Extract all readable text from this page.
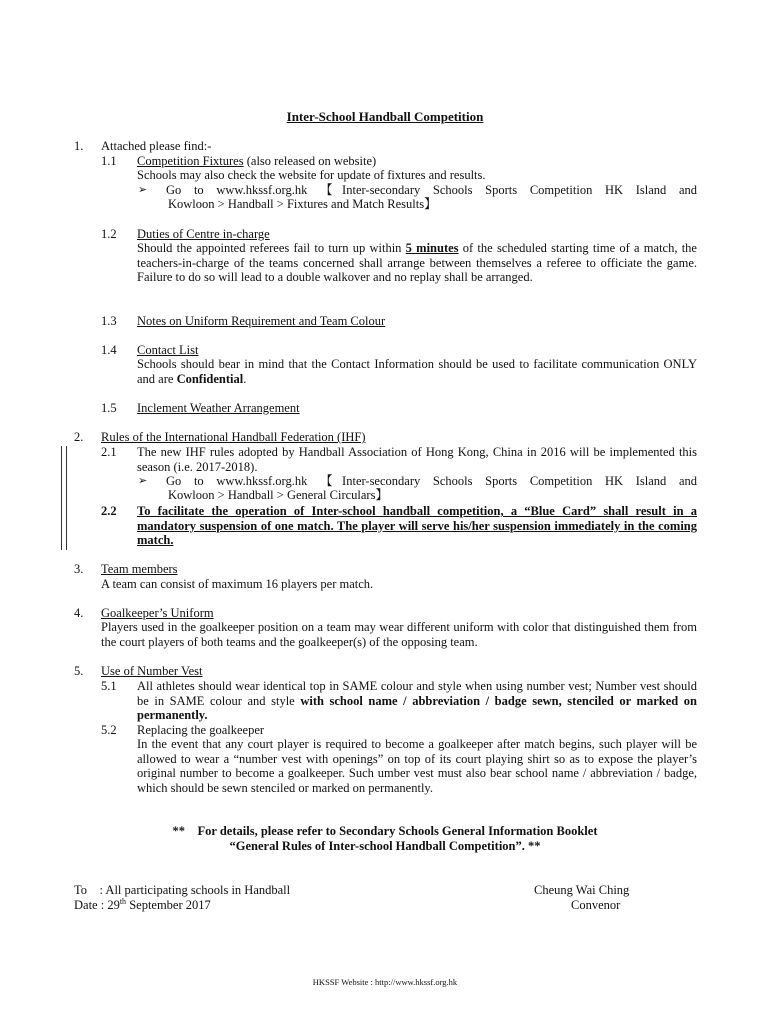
Inter-School Handball Competition
1.	Attached please find:-
1.1	Competition Fixtures (also released on website)
Schools may also check the website for update of fixtures and results.
➢ Go to www.hkssf.org.hk 【Inter-secondary Schools Sports Competition HK Island and
Kowloon > Handball > Fixtures and Match Results】
1.2	Duties of Centre in-charge
Should the appointed referees fail to turn up within 5 minutes of the scheduled starting time of a match, the teachers-in-charge of the teams concerned shall arrange between themselves a referee to officiate the game. Failure to do so will lead to a double walkover and no replay shall be arranged.
1.3	Notes on Uniform Requirement and Team Colour
1.4	Contact List
Schools should bear in mind that the Contact Information should be used to facilitate communication ONLY and are Confidential.
1.5	Inclement Weather Arrangement
2.	Rules of the International Handball Federation (IHF)
2.1	The new IHF rules adopted by Handball Association of Hong Kong, China in 2016 will be implemented this season (i.e. 2017-2018).
➢ Go to www.hkssf.org.hk 【Inter-secondary Schools Sports Competition HK Island and
Kowloon > Handball > General Circulars】
2.2	To facilitate the operation of Inter-school handball competition, a “Blue Card” shall result in a mandatory suspension of one match. The player will serve his/her suspension immediately in the coming match.
3.	Team members
A team can consist of maximum 16 players per match.
4.	Goalkeeper’s Uniform
Players used in the goalkeeper position on a team may wear different uniform with color that distinguished them from the court players of both teams and the goalkeeper(s) of the opposing team.
5.	Use of Number Vest
5.1	All athletes should wear identical top in SAME colour and style when using number vest; Number vest should be in SAME colour and style with school name / abbreviation / badge sewn, stenciled or marked on permanently.
5.2	Replacing the goalkeeper
In the event that any court player is required to become a goalkeeper after match begins, such player will be allowed to wear a “number vest with openings” on top of its court playing shirt so as to expose the player’s original number to become a goalkeeper. Such umber vest must also bear school name / abbreviation / badge, which should be sewn stenciled or marked on permanently.
**    For details, please refer to Secondary Schools General Information Booklet
“General Rules of Inter-school Handball Competition”. **
To    : All participating schools in Handball
Date : 29th September 2017
Cheung Wai Ching
Convenor
HKSSF Website : http://www.hkssf.org.hk
